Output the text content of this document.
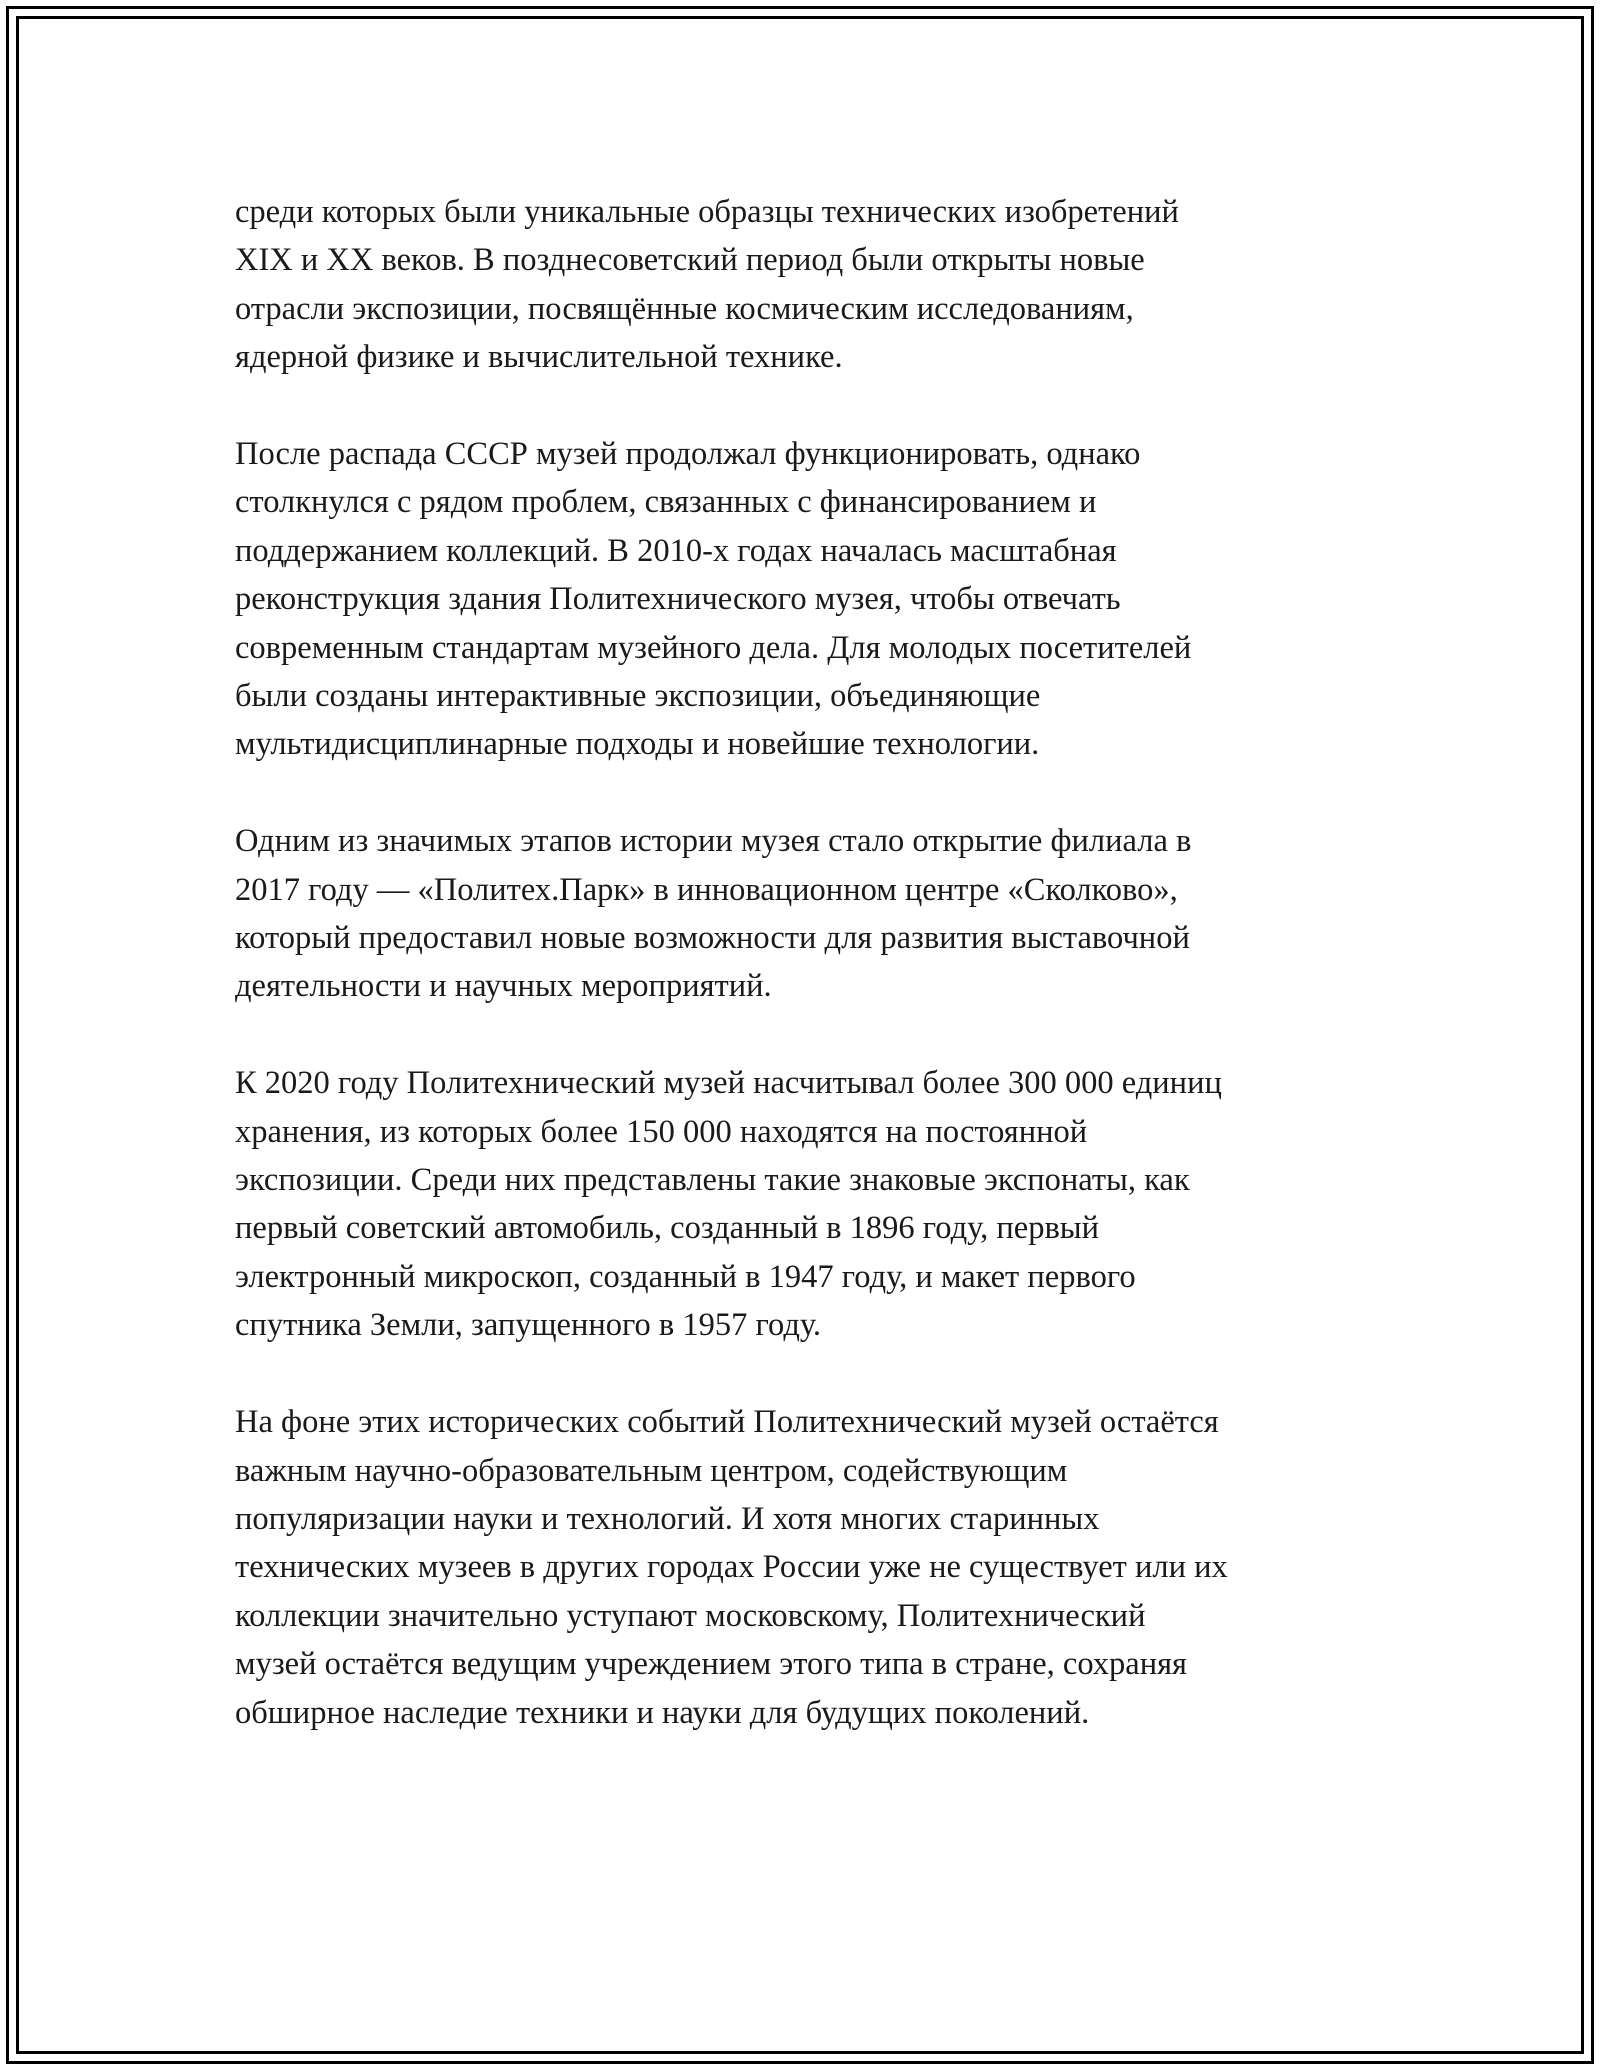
среди которых были уникальные образцы технических изобретений
XIX и XX веков. В позднесоветский период были открыты новые
отрасли экспозиции, посвящённые космическим исследованиям,
ядерной физике и вычислительной технике.

После распада СССР музей продолжал функционировать, однако
столкнулся с рядом проблем, связанных с финансированием и
поддержанием коллекций. В 2010-х годах началась масштабная
реконструкция здания Политехнического музея, чтобы отвечать
современным стандартам музейного дела. Для молодых посетителей
были созданы интерактивные экспозиции, объединяющие
мультидисциплинарные подходы и новейшие технологии.

Одним из значимых этапов истории музея стало открытие филиала в
2017 году — «Политех.Парк» в инновационном центре «Сколково»,
который предоставил новые возможности для развития выставочной
деятельности и научных мероприятий.

К 2020 году Политехнический музей насчитывал более 300 000 единиц
хранения, из которых более 150 000 находятся на постоянной
экспозиции. Среди них представлены такие знаковые экспонаты, как
первый советский автомобиль, созданный в 1896 году, первый
электронный микроскоп, созданный в 1947 году, и макет первого
спутника Земли, запущенного в 1957 году.

На фоне этих исторических событий Политехнический музей остаётся
важным научно-образовательным центром, содействующим
популяризации науки и технологий. И хотя многих старинных
технических музеев в других городах России уже не существует или их
коллекции значительно уступают московскому, Политехнический
музей остаётся ведущим учреждением этого типа в стране, сохраняя
обширное наследие техники и науки для будущих поколений.
